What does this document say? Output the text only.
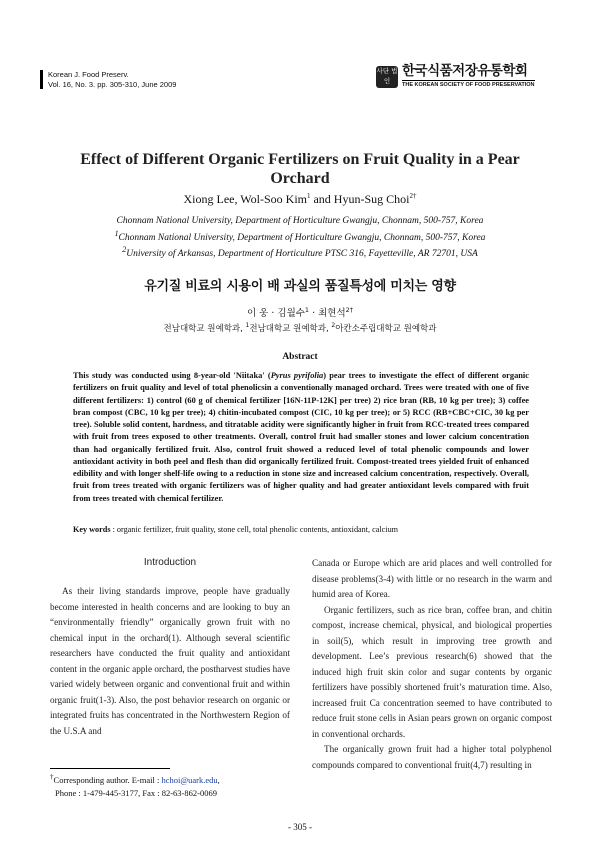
Korean J. Food Preserv.
Vol. 16, No. 3. pp. 305-310, June 2009
사단 법인
한국식품저장유통학회
THE KOREAN SOCIETY OF FOOD PRESERVATION
Effect of Different Organic Fertilizers on Fruit Quality in a Pear
Orchard
Xiong Lee, Wol-Soo Kim$^1$ and Hyun-Sug Choi$^{2\dagger}$
Chonnam National University, Department of Horticulture Gwangju, Chonnam, 500-757, Korea
$^1$Chonnam National University, Department of Horticulture Gwangju, Chonnam, 500-757, Korea
$^2$University of Arkansas, Department of Horticulture PTSC 316, Fayetteville, AR 72701, USA
유기질 비료의 시용이 배 과실의 품질특성에 미치는 영향
이 웅 · 김월수$^1$ · 최현석$^{2\dagger}$
전남대학교 원예학과, $^1$전남대학교 원예학과, $^2$아칸소주립대학교 원예학과
Abstract
This study was conducted using 8-year-old 'Niitaka' (Pyrus pyrifolia) pear trees to investigate the effect of different organic fertilizers on fruit quality and level of total phenolicsin a conventionally managed orchard. Trees were treated with one of five different fertilizers: 1) control (60 g of chemical fertilizer [16N-11P-12K] per tree) 2) rice bran (RB, 10 kg per tree); 3) coffee bran compost (CBC, 10 kg per tree); 4) chitin-incubated compost (CIC, 10 kg per tree); or 5) RCC (RB+CBC+CIC, 30 kg per tree). Soluble solid content, hardness, and titratable acidity were significantly higher in fruit from RCC-treated trees compared with fruit from trees exposed to other treatments. Overall, control fruit had smaller stones and lower calcium concentration than had organically fertilized fruit. Also, control fruit showed a reduced level of total phenolic compounds and lower antioxidant activity in both peel and flesh than did organically fertilized fruit. Compost-treated trees yielded fruit of enhanced edibility and with longer shelf-life owing to a reduction in stone size and increased calcium concentration, respectively. Overall, fruit from trees treated with organic fertilizers was of higher quality and had greater antioxidant levels compared with fruit from trees treated with chemical fertilizer.
Key words : organic fertilizer, fruit quality, stone cell, total phenolic contents, antioxidant, calcium
Introduction

As their living standards improve, people have gradually become interested in health concerns and are looking to buy an “environmentally friendly” organically grown fruit with no chemical input in the orchard(1). Although several scientific researchers have conducted the fruit quality and antioxidant content in the organic apple orchard, the postharvest studies have varied widely between organic and conventional fruit and within organic fruit(1-3). Also, the post behavior research on organic or integrated fruits has concentrated in the Northwestern Region of the U.S.A and

Canada or Europe which are arid places and well controlled for disease problems(3-4) with little or no research in the warm and humid area of Korea.

Organic fertilizers, such as rice bran, coffee bran, and chitin compost, increase chemical, physical, and biological properties in soil(5), which result in improving tree growth and development. Lee’s previous research(6) showed that the induced high fruit skin color and sugar contents by organic fertilizers have possibly shortened fruit’s maturation time. Also, increased fruit Ca concentration seemed to have contributed to reduce fruit stone cells in Asian pears grown on organic compost in conventional orchards.

The organically grown fruit had a higher total polyphenol compounds compared to conventional fruit(4,7) resulting in

†Corresponding author. E-mail : hchoi@uark.edu,
Phone : 1-479-445-3177, Fax : 82-63-862-0069
- 305 -
